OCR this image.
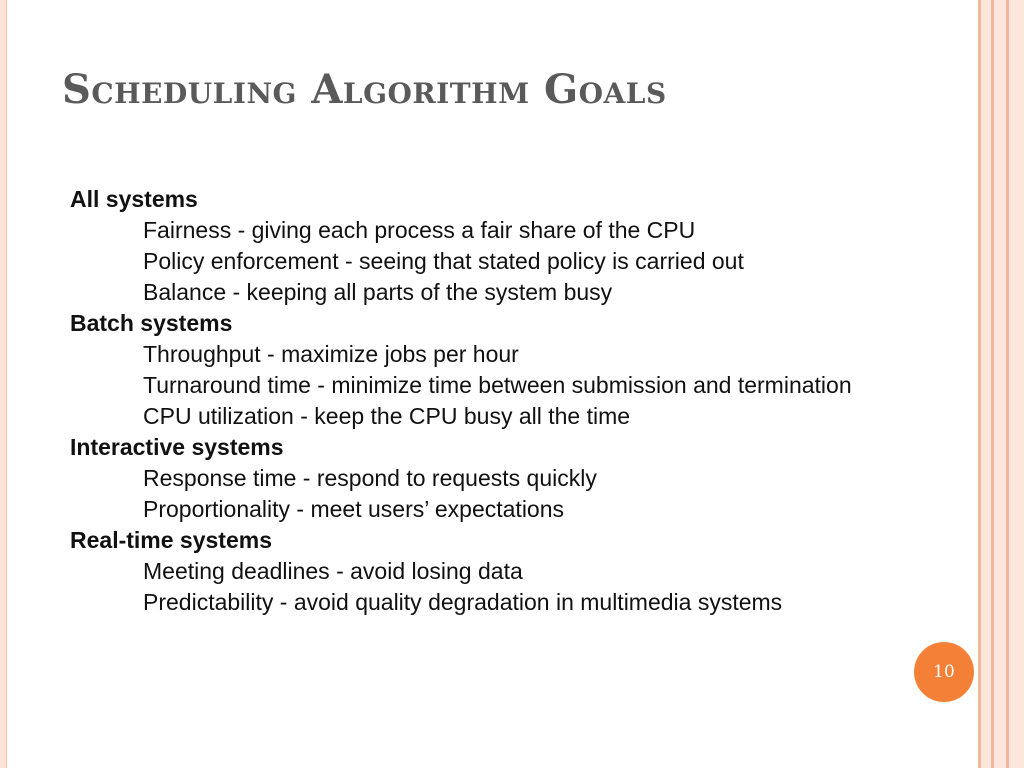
Scheduling Algorithm Goals
All systems
Fairness - giving each process a fair share of the CPU
Policy enforcement - seeing that stated policy is carried out
Balance - keeping all parts of the system busy
Batch systems
Throughput - maximize jobs per hour
Turnaround time - minimize time between submission and termination
CPU utilization - keep the CPU busy all the time
Interactive systems
Response time - respond to requests quickly
Proportionality - meet users’ expectations
Real-time systems
Meeting deadlines - avoid losing data
Predictability - avoid quality degradation in multimedia systems
10
